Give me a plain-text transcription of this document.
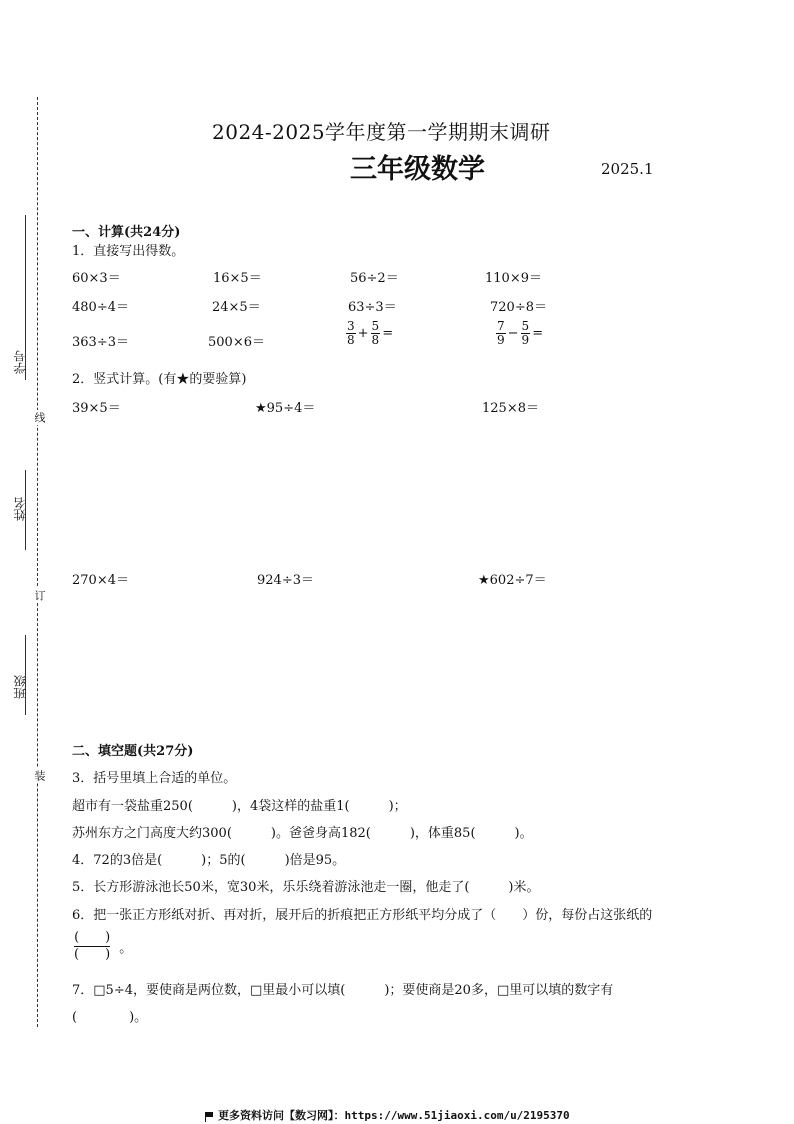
学号
姓名
班级
线
订
装
2024-2025学年度第一学期期末调研
三年级数学	2025.1
一、计算(共24分)
1．直接写出得数。
60×3＝	16×5＝	56÷2＝	110×9＝
480÷4＝	24×5＝	63÷3＝	720÷8＝
363÷3＝	500×6＝	$\frac{3}{8} + \frac{5}{8}$ =	$\frac{7}{9} - \frac{5}{9}$ =
2．竖式计算。(有★的要验算)
39×5＝	★95÷4＝	125×8＝
270×4＝	924÷3＝	★602÷7＝
二、填空题(共27分)
3．括号里填上合适的单位。
超市有一袋盐重250(　　　)，4袋这样的盐重1(　　　)；
苏州东方之门高度大约300(　　　)。爸爸身高182(　　　)，体重85(　　　)。
4．72的3倍是(　　　)；5的(　　　)倍是95。
5．长方形游泳池长50米，宽30米，乐乐绕着游泳池走一圈，他走了(　　　)米。
6．把一张正方形纸对折、再对折，展开后的折痕把正方形纸平均分成了（　　）份，每份占这张纸的
(　　)
(　　) 。
7．□5÷4，要使商是两位数，□里最小可以填(　　　)；要使商是20多，□里可以填的数字有
(　　　　)。
更多资料访问【数习网】：https://www.51jiaoxi.com/u/2195370
